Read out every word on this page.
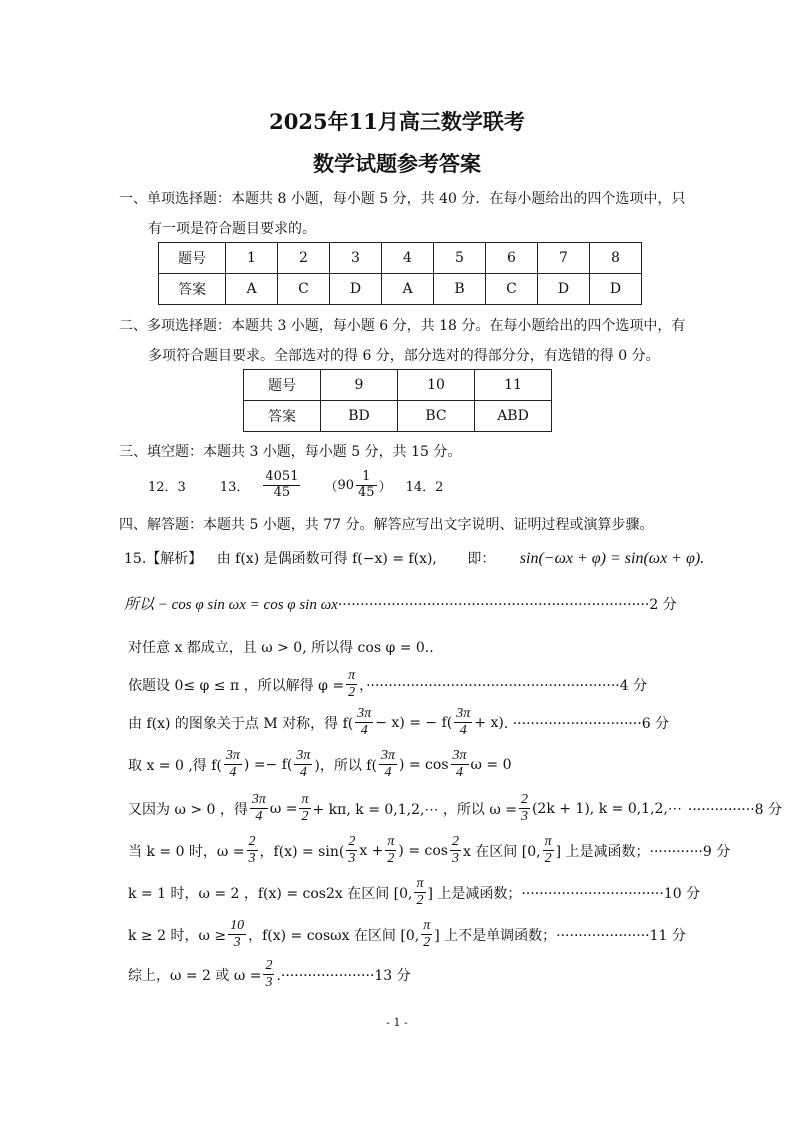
2025年11月高三数学联考
数学试题参考答案
一、单项选择题：本题共 8 小题，每小题 5 分，共 40 分．在每小题给出的四个选项中，只
有一项是符合题目要求的。
题号	1	2	3	4	5	6	7	8
答案	A	C	D	A	B	C	D	D
二、多项选择题：本题共 3 小题，每小题 6 分，共 18 分。在每小题给出的四个选项中，有
多项符合题目要求。全部选对的得 6 分，部分选对的得部分分，有选错的得 0 分。
题号	9	10	11
答案	BD	BC	ABD
三、填空题：本题共 3 小题，每小题 5 分，共 15 分。
12．3	13． $\frac{4051}{45}$ （ $90 \frac{1}{45}$ ） 14．2
四、解答题：本题共 5 小题，共 77 分。解答应写出文字说明、证明过程或演算步骤。
15.【解析】 由 f(x) 是偶函数可得 f(−x) = f(x), 即： sin(−ωx + φ) = sin(ωx + φ).
所以 − cos φ sin ωx = cos φ sin ωx······································································2 分
对任意 x 都成立，且 ω > 0, 所以得 cos φ = 0..
依题设 0≤ φ ≤ π ，所以解得 $\varphi = \frac{\pi}{2}$ ，·························································4 分
由 f(x) 的图象关于点 M 对称，得 $f( \frac{3\pi}{4} - x)$ = − $f( \frac{3\pi}{4} + x)$ . ·····························6 分
取 x = 0 ,得 $f( \frac{3\pi}{4}$ ) =− $f( \frac{3\pi}{4}$ )，所以 $f( \frac{3\pi}{4}$ ) = $\cos \frac{3\pi}{4}$ ω = 0
又因为 ω > 0 ，得 $\frac{3\pi}{4}$ $\omega = \frac{\pi}{2} + k\pi$, k = 0,1,2,⋯ ，所以 $\omega = \frac{2}{3} (2k + 1)$, k = 0,1,2,⋯ ···············8 分
当 k = 0 时，$\omega = \frac{2}{3}$ ，$f(x) = \sin( \frac{2}{3}$ $x + \frac{\pi}{2}$ ) = $\cos \frac{2}{3}$ x 在区间 [0, $\frac{\pi}{2}$ ] 上是减函数； ············9 分
k = 1 时，ω = 2 ，f(x) = cos2x 在区间 [0, $\frac{\pi}{2}$ ] 上是减函数； ································10 分
k ≥ 2 时，$\omega \ge \frac{10}{3}$ ，f(x) = cosωx 在区间 [0, $\frac{\pi}{2}$ ] 上不是单调函数； ·····················11 分
综上，ω = 2 或 $\omega = \frac{2}{3} .\cdot\cdot\cdot\cdot\cdot\cdot\cdot\cdot\cdot\cdot\cdot\cdot\cdot\cdot\cdot\cdot\cdot\cdot\cdot\cdot\cdot 13$ 分
- 1 -
